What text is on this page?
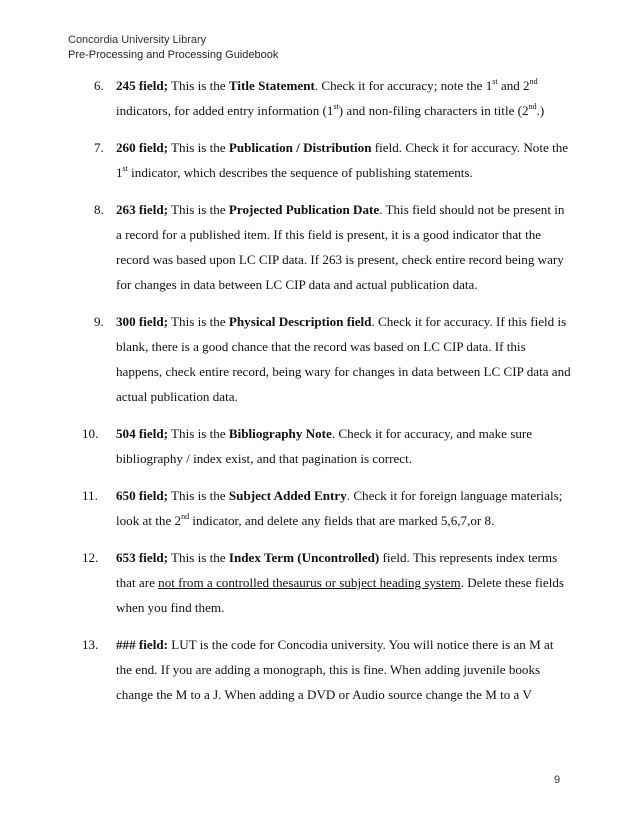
Concordia University Library
Pre-Processing and Processing Guidebook
6. 245 field; This is the Title Statement. Check it for accuracy; note the 1st and 2nd indicators, for added entry information (1st) and non-filing characters in title (2nd.)
7. 260 field; This is the Publication / Distribution field. Check it for accuracy. Note the 1st indicator, which describes the sequence of publishing statements.
8. 263 field; This is the Projected Publication Date. This field should not be present in a record for a published item. If this field is present, it is a good indicator that the record was based upon LC CIP data. If 263 is present, check entire record being wary for changes in data between LC CIP data and actual publication data.
9. 300 field; This is the Physical Description field. Check it for accuracy. If this field is blank, there is a good chance that the record was based on LC CIP data. If this happens, check entire record, being wary for changes in data between LC CIP data and actual publication data.
10. 504 field; This is the Bibliography Note. Check it for accuracy, and make sure bibliography / index exist, and that pagination is correct.
11. 650 field; This is the Subject Added Entry. Check it for foreign language materials; look at the 2nd indicator, and delete any fields that are marked 5,6,7,or 8.
12. 653 field; This is the Index Term (Uncontrolled) field. This represents index terms that are not from a controlled thesaurus or subject heading system. Delete these fields when you find them.
13. ### field: LUT is the code for Concodia university. You will notice there is an M at the end. If you are adding a monograph, this is fine. When adding juvenile books change the M to a J. When adding a DVD or Audio source change the M to a V
9
